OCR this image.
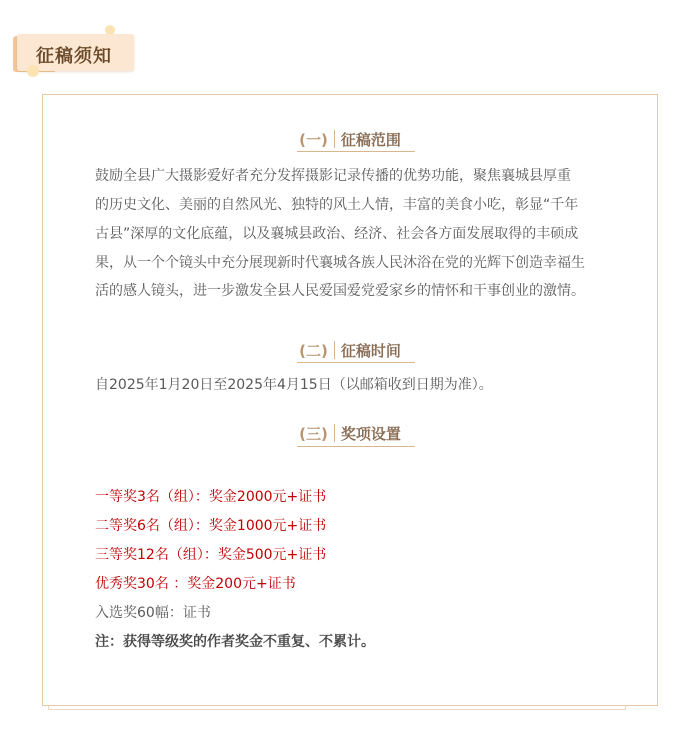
征稿须知
(一) 征稿范围
鼓励全县广大摄影爱好者充分发挥摄影记录传播的优势功能，聚焦襄城县厚重
的历史文化、美丽的自然风光、独特的风土人情，丰富的美食小吃，彰显“千年
古县”深厚的文化底蕴，以及襄城县政治、经济、社会各方面发展取得的丰硕成
果，从一个个镜头中充分展现新时代襄城各族人民沐浴在党的光辉下创造幸福生
活的感人镜头，进一步激发全县人民爱国爱党爱家乡的情怀和干事创业的激情。
(二) 征稿时间
自2025年1月20日至2025年4月15日（以邮箱收到日期为准）。
(三) 奖项设置
一等奖3名（组）：奖金2000元+证书
二等奖6名（组）：奖金1000元+证书
三等奖12名（组）：奖金500元+证书
优秀奖30名 ：奖金200元+证书
入选奖60幅：证书
注：获得等级奖的作者奖金不重复、不累计。
